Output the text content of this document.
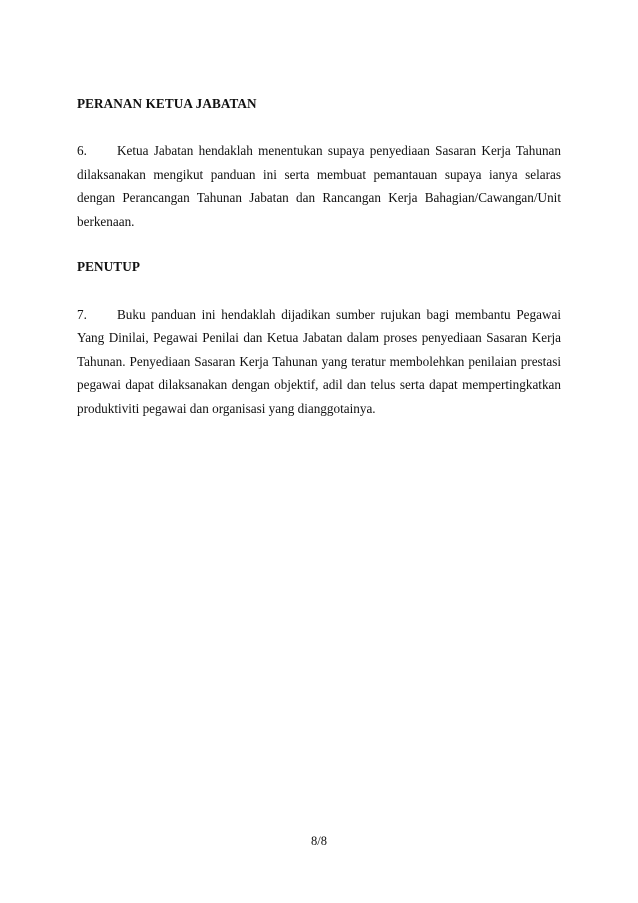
PERANAN KETUA JABATAN

6. Ketua Jabatan hendaklah menentukan supaya penyediaan Sasaran Kerja Tahunan dilaksanakan mengikut panduan ini serta membuat pemantauan supaya ianya selaras dengan Perancangan Tahunan Jabatan dan Rancangan Kerja Bahagian/Cawangan/Unit berkenaan.

PENUTUP

7. Buku panduan ini hendaklah dijadikan sumber rujukan bagi membantu Pegawai Yang Dinilai, Pegawai Penilai dan Ketua Jabatan dalam proses penyediaan Sasaran Kerja Tahunan. Penyediaan Sasaran Kerja Tahunan yang teratur membolehkan penilaian prestasi pegawai dapat dilaksanakan dengan objektif, adil dan telus serta dapat mempertingkatkan produktiviti pegawai dan organisasi yang dianggotainya.

8/8
